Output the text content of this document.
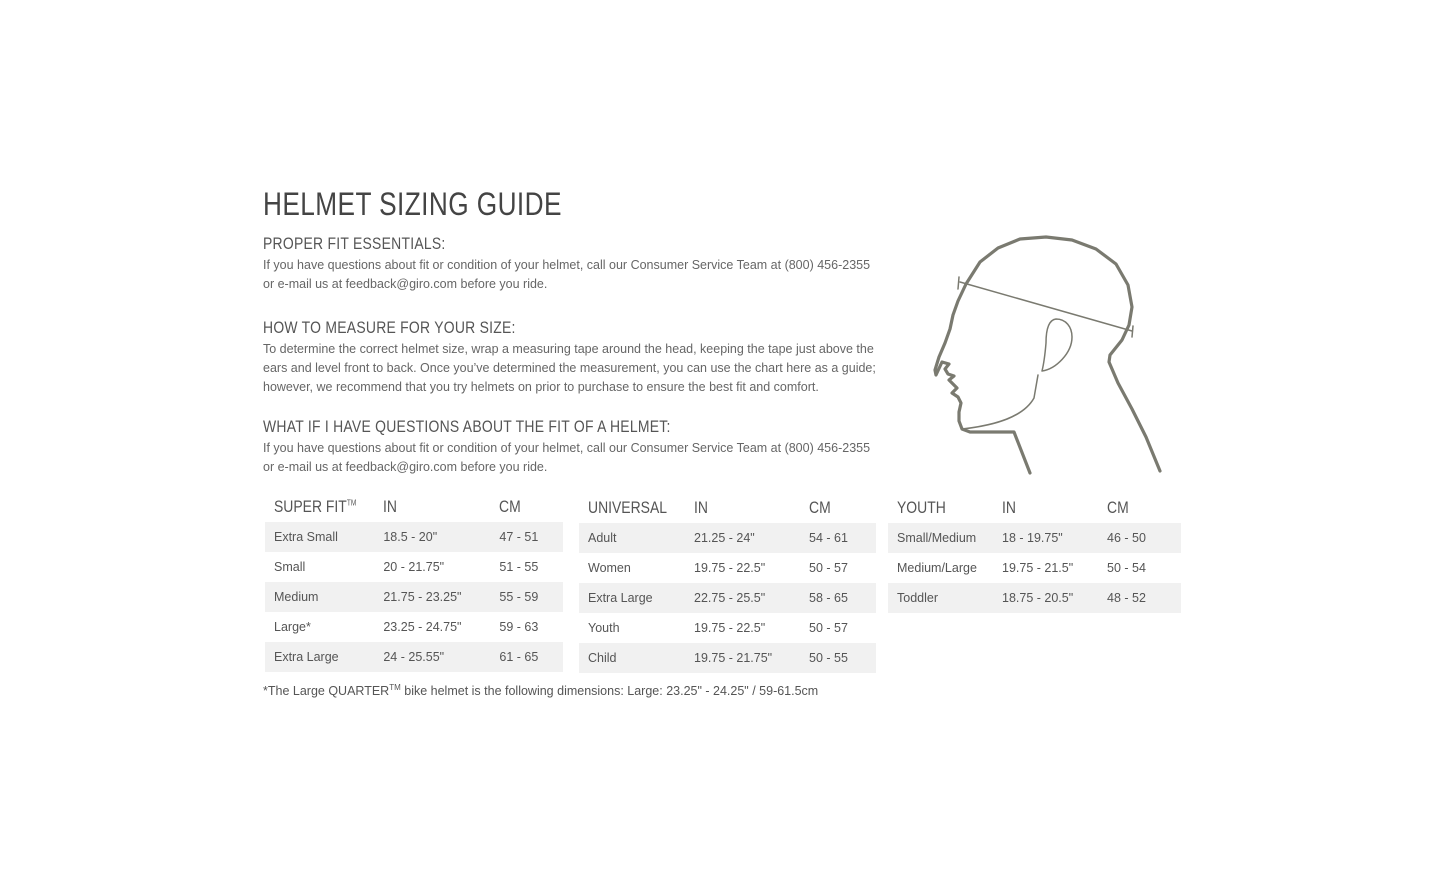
HELMET SIZING GUIDE
PROPER FIT ESSENTIALS:

If you have questions about fit or condition of your helmet, call our Consumer Service Team at (800) 456-2355 or e-mail us at feedback@giro.com before you ride.

HOW TO MEASURE FOR YOUR SIZE:

To determine the correct helmet size, wrap a measuring tape around the head, keeping the tape just above the ears and level front to back. Once you’ve determined the measurement, you can use the chart here as a guide; however, we recommend that you try helmets on prior to purchase to ensure the best fit and comfort.

WHAT IF I HAVE QUESTIONS ABOUT THE FIT OF A HELMET:

If you have questions about fit or condition of your helmet, call our Consumer Service Team at (800) 456-2355 or e-mail us at feedback@giro.com before you ride.

SUPER FIT™	IN	CM
Extra Small	18.5 - 20"	47 - 51
Small	20 - 21.75"	51 - 55
Medium	21.75 - 23.25"	55 - 59
Large*	23.25 - 24.75"	59 - 63
Extra Large	24 - 25.55"	61 - 65
UNIVERSAL	IN	CM
Adult	21.25 - 24"	54 - 61
Women	19.75 - 22.5"	50 - 57
Extra Large	22.75 - 25.5"	58 - 65
Youth	19.75 - 22.5"	50 - 57
Child	19.75 - 21.75"	50 - 55
YOUTH	IN	CM
Small/Medium	18 - 19.75"	46 - 50
Medium/Large	19.75 - 21.5"	50 - 54
Toddler	18.75 - 20.5"	48 - 52

*The Large QUARTER™ bike helmet is the following dimensions: Large: 23.25" - 24.25" / 59-61.5cm
